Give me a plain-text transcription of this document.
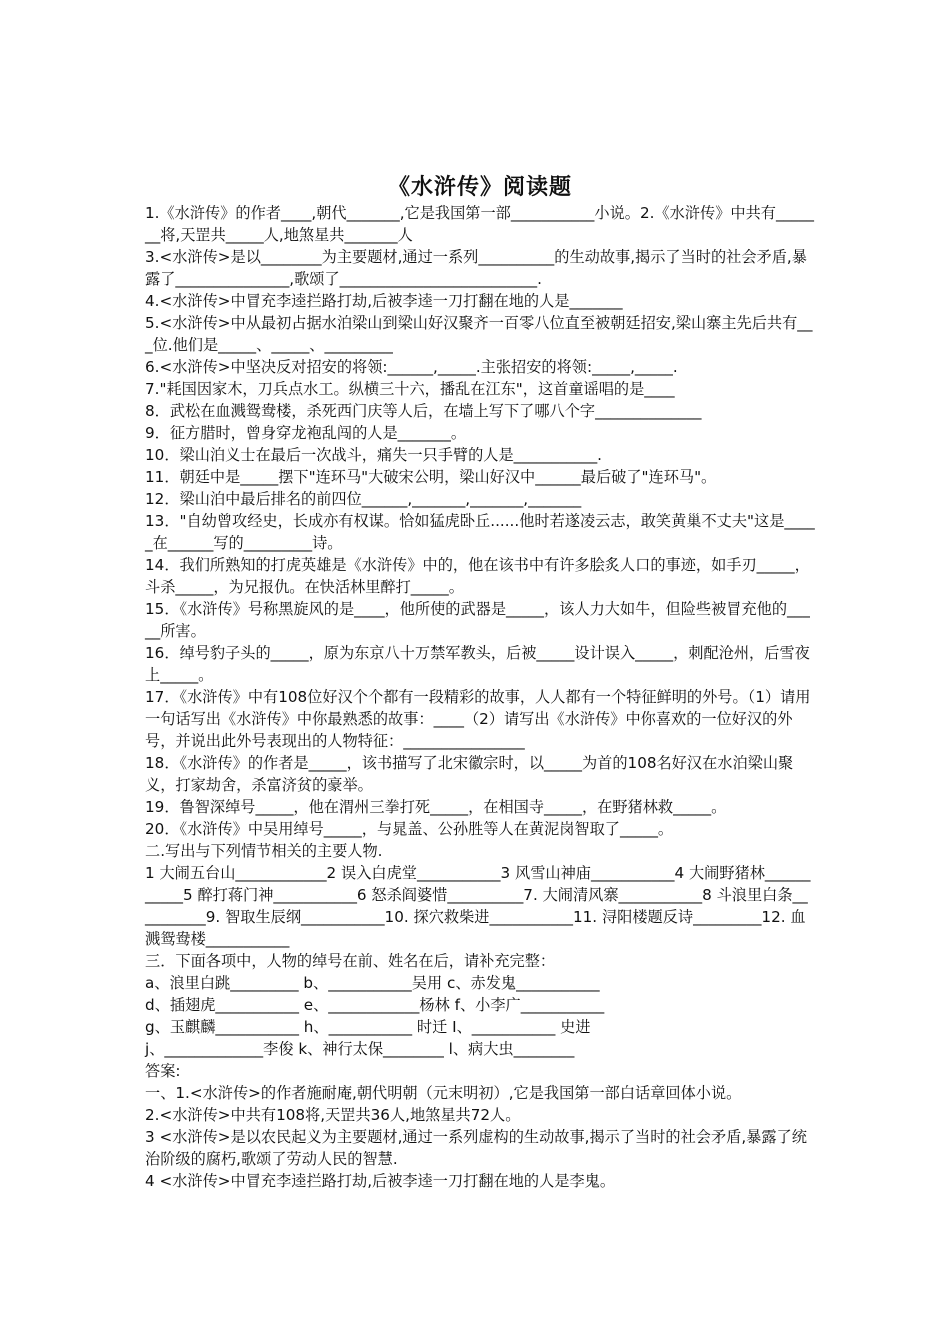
《水浒传》阅读题

1.《水浒传》的作者____,朝代_______,它是我国第一部___________小说。2.《水浒传》中共有_______将,天罡共_____人,地煞星共_______人

3.<水浒传>是以________为主要题材,通过一系列__________的生动故事,揭示了当时的社会矛盾,暴露了_______________,歌颂了__________________________.

4.<水浒传>中冒充李逵拦路打劫,后被李逵一刀打翻在地的人是_______

5.<水浒传>中从最初占据水泊梁山到梁山好汉聚齐一百零八位直至被朝廷招安,梁山寨主先后共有___位.他们是_____、_____、_________

6.<水浒传>中坚决反对招安的将领:______,_____.主张招安的将领:_____,_____.

7."耗国因家木，刀兵点水工。纵横三十六，播乱在江东"，这首童谣唱的是____

8．武松在血溅鸳鸯楼，杀死西门庆等人后，在墙上写下了哪八个字______________

9．征方腊时，曾身穿龙袍乱闯的人是_______。

10．梁山泊义士在最后一次战斗，痛失一只手臂的人是___________.

11．朝廷中是_____摆下"连环马"大破宋公明，梁山好汉中______最后破了"连环马"。

12．梁山泊中最后排名的前四位______,_______,_______,_______

13．"自幼曾攻经史，长成亦有权谋。恰如猛虎卧丘......他时若遂凌云志，敢笑黄巢不丈夫"这是_____在______写的_________诗。

14．我们所熟知的打虎英雄是《水浒传》中的，他在该书中有许多脍炙人口的事迹，如手刃_____，斗杀_____，为兄报仇。在快活林里醉打_____。

15．《水浒传》号称黑旋风的是____，他所使的武器是_____，该人力大如牛，但险些被冒充他的_____所害。

16．绰号豹子头的_____，原为东京八十万禁军教头，后被_____设计误入_____，刺配沧州，后雪夜上_____。

17．《水浒传》中有108位好汉个个都有一段精彩的故事，人人都有一个特征鲜明的外号。（1）请用一句话写出《水浒传》中你最熟悉的故事：____（2）请写出《水浒传》中你喜欢的一位好汉的外号，并说出此外号表现出的人物特征：________________

18．《水浒传》的作者是_____，该书描写了北宋徽宗时，以_____为首的108名好汉在水泊梁山聚义，打家劫舍，杀富济贫的豪举。

19．鲁智深绰号_____，他在渭州三拳打死_____，在相国寺_____，在野猪林救_____。

20．《水浒传》中吴用绰号_____，与晁盖、公孙胜等人在黄泥岗智取了_____。

二.写出与下列情节相关的主要人物.

1 大闹五台山____________2 误入白虎堂___________3 风雪山神庙___________4 大闹野猪林___________5 醉打蒋门神___________6 怒杀阎婆惜__________7. 大闹清风寨___________8 斗浪里白条__________9. 智取生辰纲___________10. 探穴救柴进___________11. 浔阳楼题反诗_________12. 血溅鸳鸯楼___________

三．下面各项中，人物的绰号在前、姓名在后，请补充完整：

a、浪里白跳_________ b、___________吴用 c、赤发鬼___________

d、插翅虎___________ e、____________杨林 f、小李广___________

g、玉麒麟___________ h、___________ 时迁 I、___________ 史进

j、_____________李俊 k、神行太保________ l、病大虫________

答案:

一、1.<水浒传>的作者施耐庵,朝代明朝（元末明初）,它是我国第一部白话章回体小说。

2.<水浒传>中共有108将,天罡共36人,地煞星共72人。

3 <水浒传>是以农民起义为主要题材,通过一系列虚构的生动故事,揭示了当时的社会矛盾,暴露了统治阶级的腐朽,歌颂了劳动人民的智慧.

4 <水浒传>中冒充李逵拦路打劫,后被李逵一刀打翻在地的人是李鬼。
